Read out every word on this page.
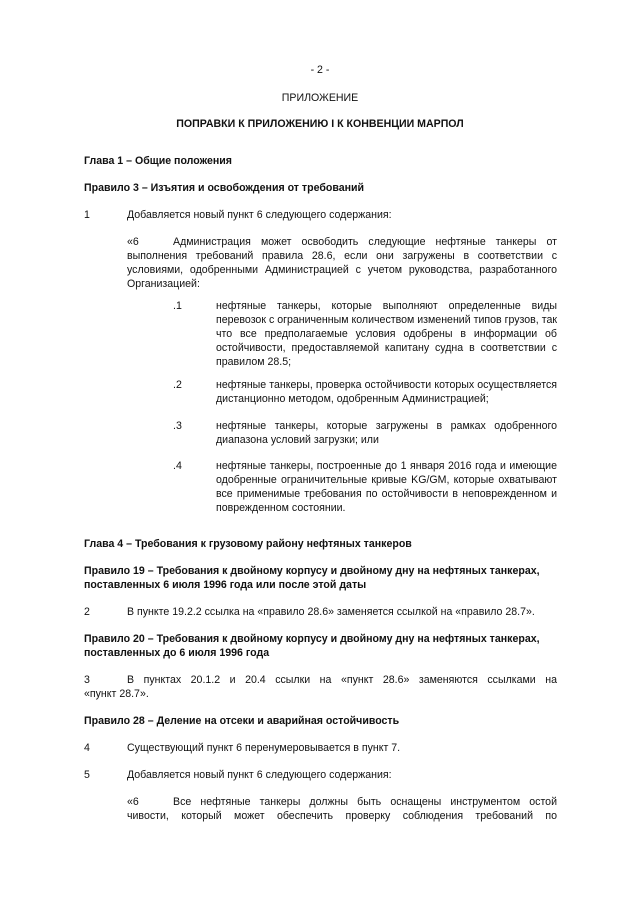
- 2 -
ПРИЛОЖЕНИЕ
ПОПРАВКИ К ПРИЛОЖЕНИЮ I К КОНВЕНЦИИ МАРПОЛ
Глава 1 – Общие положения
Правило 3 – Изъятия и освобождения от требований
1	Добавляется новый пункт 6 следующего содержания:
«6	Администрация может освободить следующие нефтяные танкеры от
выполнения требований правила 28.6, если они загружены в соответствии с условиями, одобренными Администрацией с учетом руководства, разработанного Организацией:
.1	нефтяные танкеры, которые выполняют определенные виды перевозок с ограниченным количеством изменений типов грузов, так что все предполагаемые условия одобрены в информации об остойчивости, предоставляемой капитану судна в соответствии с правилом 28.5;
.2	нефтяные танкеры, проверка остойчивости которых осуществляется дистанционно методом, одобренным Администрацией;
.3	нефтяные танкеры, которые загружены в рамках одобренного диапазона условий загрузки; или
.4	нефтяные танкеры, построенные до 1 января 2016 года и имеющие одобренные ограничительные кривые KG/GM, которые охватывают все применимые требования по остойчивости в неповрежденном и поврежденном состоянии.
Глава 4 – Требования к грузовому району нефтяных танкеров
Правило 19 – Требования к двойному корпусу и двойному дну на нефтяных танкерах, поставленных 6 июля 1996 года или после этой даты
2	В пункте 19.2.2 ссылка на «правило 28.6» заменяется ссылкой на «правило 28.7».
Правило 20 – Требования к двойному корпусу и двойному дну на нефтяных танкерах, поставленных до 6 июля 1996 года
3	В пунктах 20.1.2 и 20.4 ссылки на «пункт 28.6» заменяются ссылками на
«пункт 28.7».
Правило 28 – Деление на отсеки и аварийная остойчивость
4	Существующий пункт 6 перенумеровывается в пункт 7.
5	Добавляется новый пункт 6 следующего содержания:
«6	Все нефтяные танкеры должны быть оснащены инструментом остой
чивости, который может обеспечить проверку соблюдения требований по
